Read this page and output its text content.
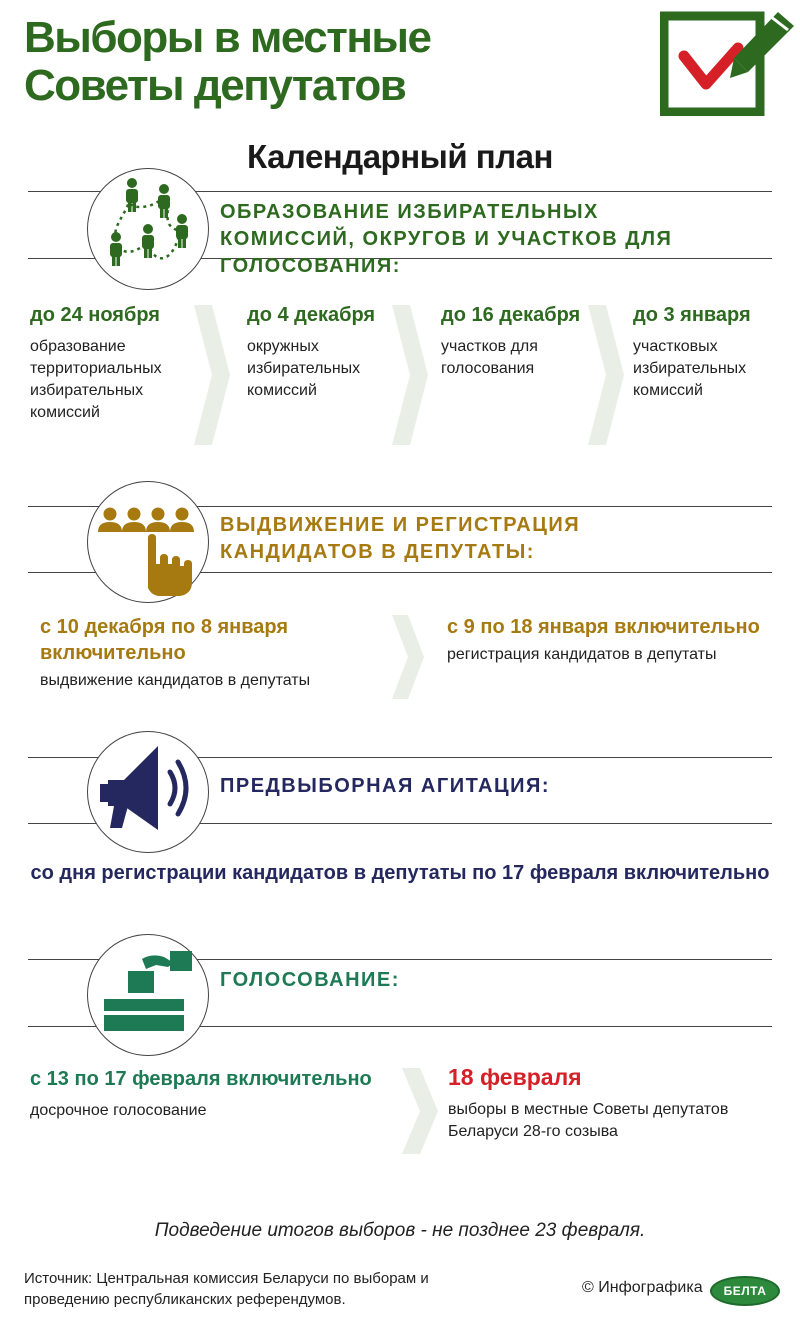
Выборы в местные Советы депутатов
Календарный план
ОБРАЗОВАНИЕ ИЗБИРАТЕЛЬНЫХ КОМИССИЙ, ОКРУГОВ И УЧАСТКОВ ДЛЯ ГОЛОСОВАНИЯ:
до 24 ноября
образование территориальных избирательных комиссий
до 4 декабря
окружных избирательных комиссий
до 16 декабря
участков для голосования
до 3 января
участковых избирательных комиссий
ВЫДВИЖЕНИЕ И РЕГИСТРАЦИЯ КАНДИДАТОВ В ДЕПУТАТЫ:
с 10 декабря по 8 января включительно
выдвижение кандидатов в депутаты
с 9 по 18 января включительно
регистрация кандидатов в депутаты
ПРЕДВЫБОРНАЯ АГИТАЦИЯ:
со дня регистрации кандидатов в депутаты по 17 февраля включительно
ГОЛОСОВАНИЕ:
с 13 по 17 февраля включительно
досрочное голосование
18 февраля
выборы в местные Советы депутатов Беларуси 28-го созыва
Подведение итогов выборов - не позднее 23 февраля.
Источник: Центральная комиссия Беларуси по выборам и проведению республиканских референдумов.
© Инфографика	БЕЛТА
